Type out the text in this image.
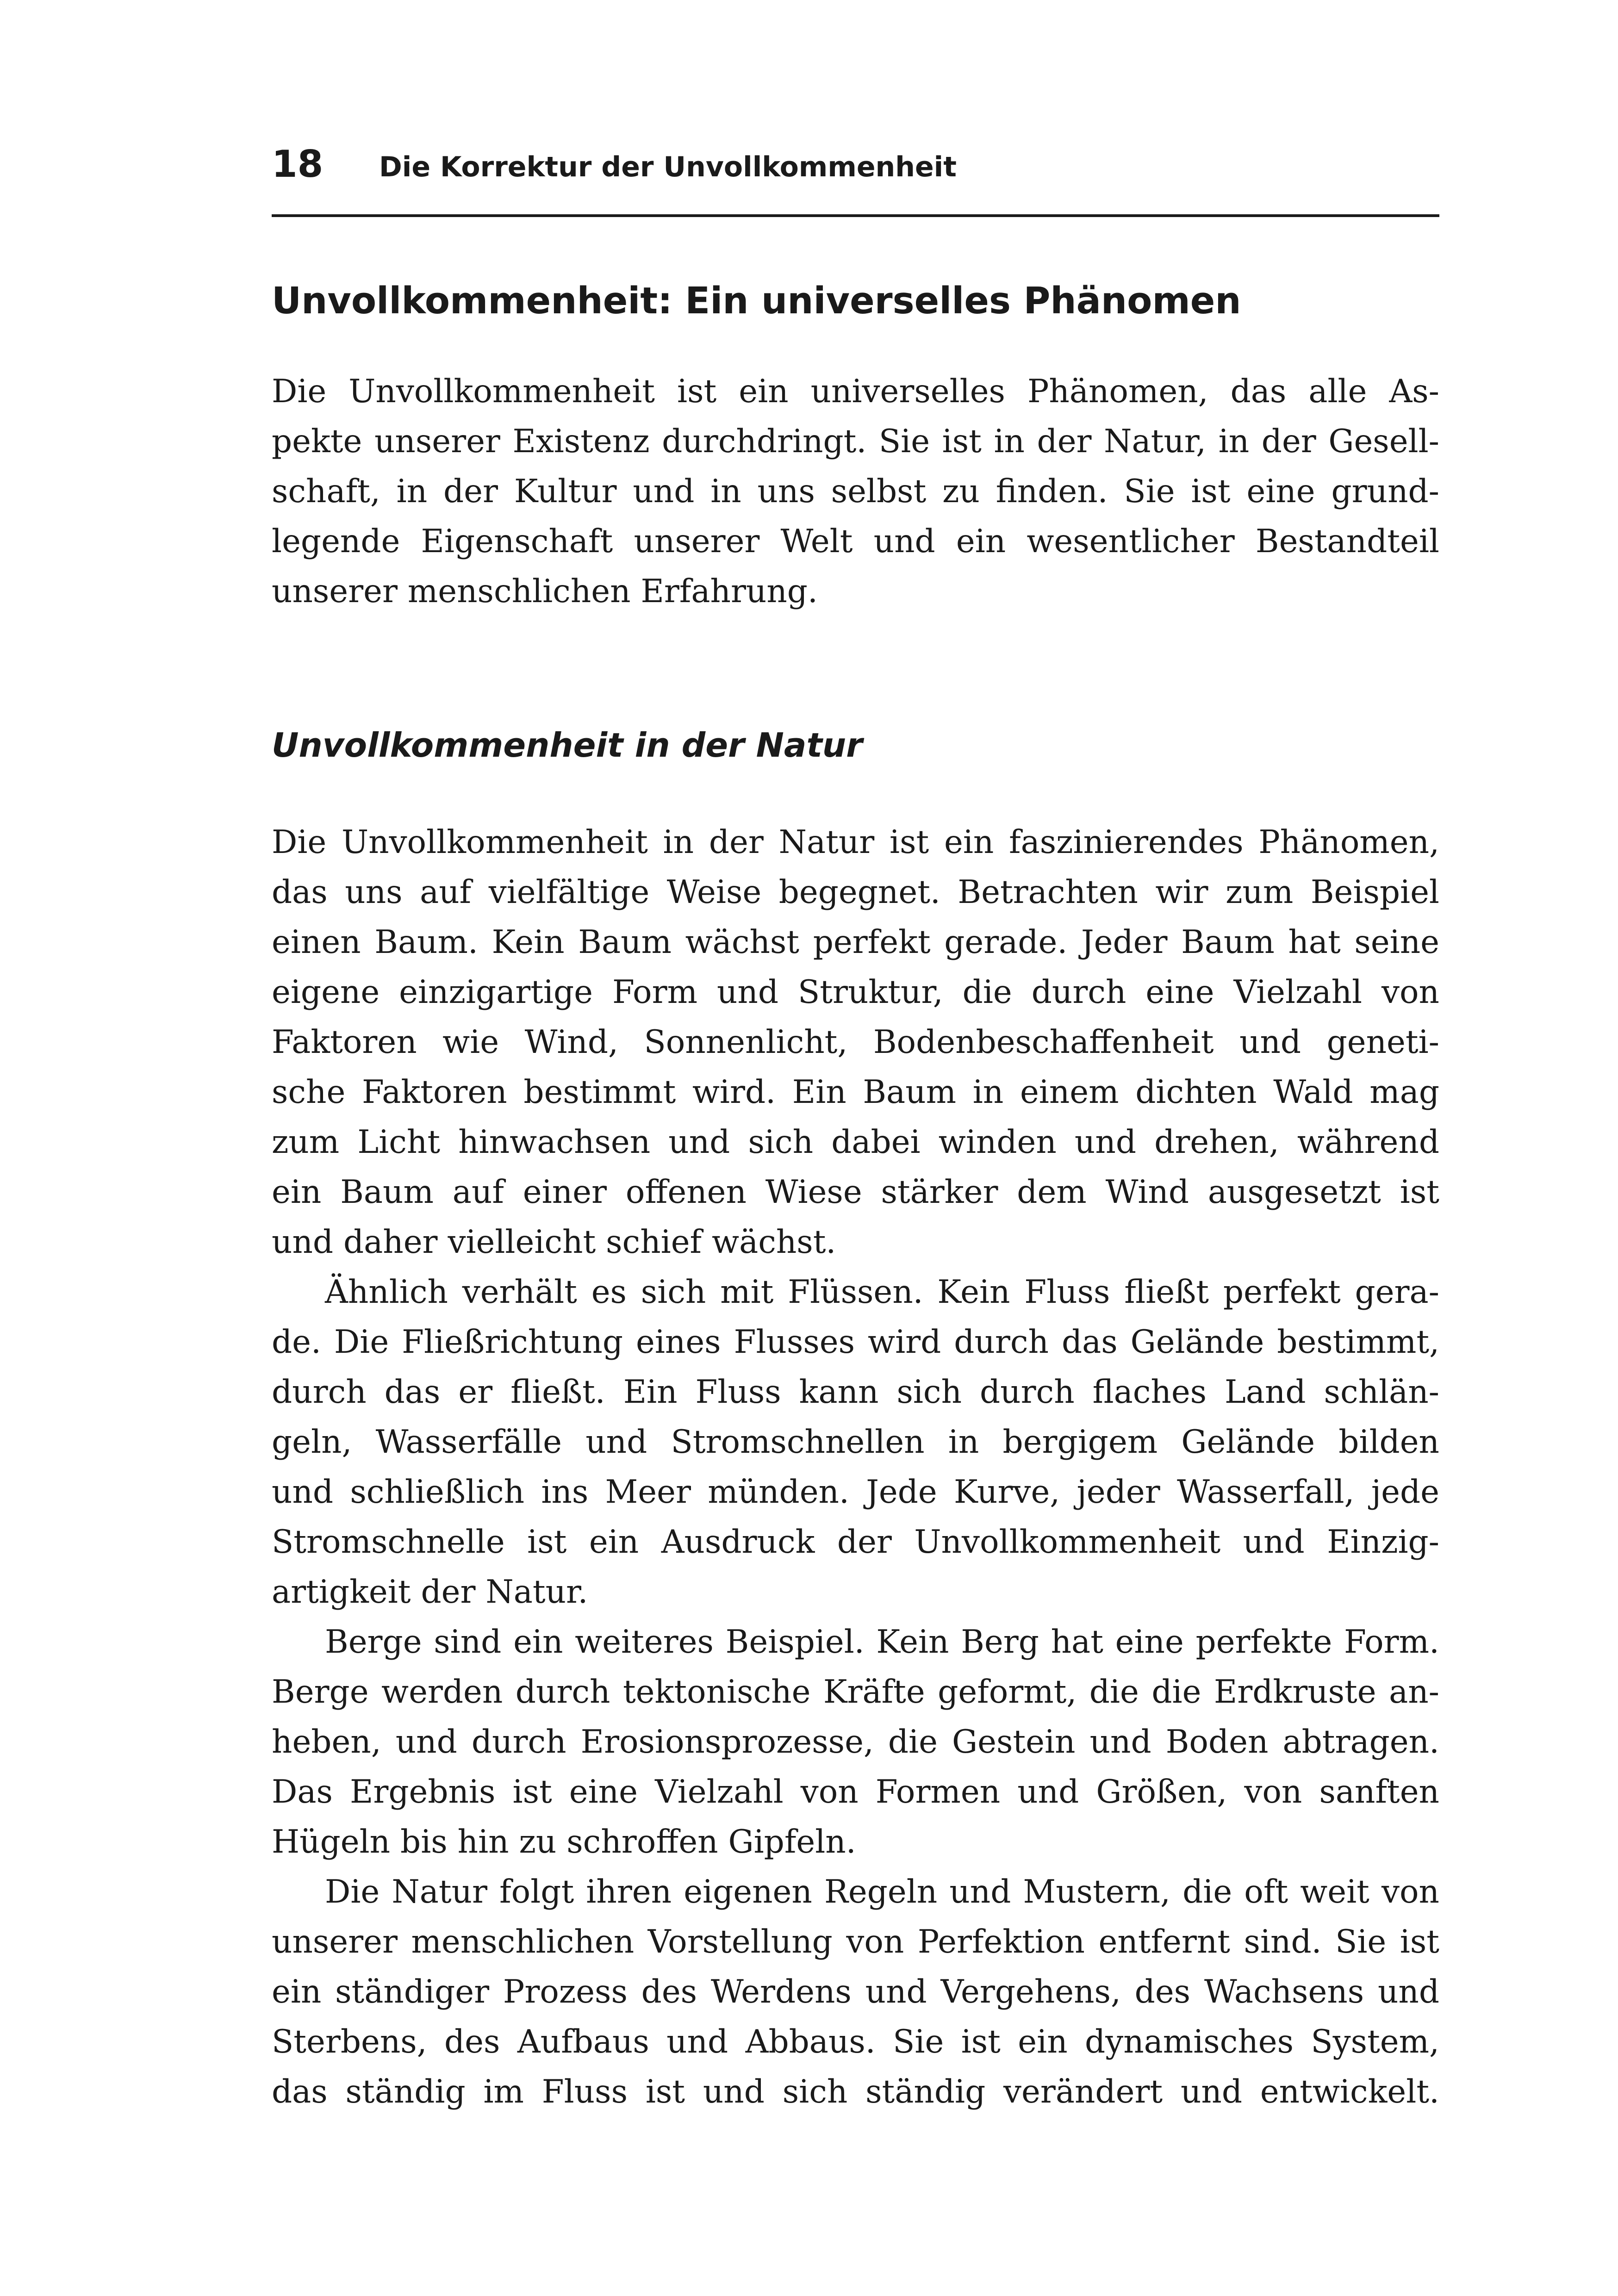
18 Die Korrektur der Unvollkommenheit
Unvollkommenheit: Ein universelles Phänomen
Die Unvollkommenheit ist ein universelles Phänomen, das alle As-
pekte unserer Existenz durchdringt. Sie ist in der Natur, in der Gesell-
schaft, in der Kultur und in uns selbst zu finden. Sie ist eine grund-
legende Eigenschaft unserer Welt und ein wesentlicher Bestandteil
unserer menschlichen Erfahrung.
Unvollkommenheit in der Natur
Die Unvollkommenheit in der Natur ist ein faszinierendes Phänomen,
das uns auf vielfältige Weise begegnet. Betrachten wir zum Beispiel
einen Baum. Kein Baum wächst perfekt gerade. Jeder Baum hat seine
eigene einzigartige Form und Struktur, die durch eine Vielzahl von
Faktoren wie Wind, Sonnenlicht, Bodenbeschaffenheit und geneti-
sche Faktoren bestimmt wird. Ein Baum in einem dichten Wald mag
zum Licht hinwachsen und sich dabei winden und drehen, während
ein Baum auf einer offenen Wiese stärker dem Wind ausgesetzt ist
und daher vielleicht schief wächst.
Ähnlich verhält es sich mit Flüssen. Kein Fluss fließt perfekt gera-
de. Die Fließrichtung eines Flusses wird durch das Gelände bestimmt,
durch das er fließt. Ein Fluss kann sich durch flaches Land schlän-
geln, Wasserfälle und Stromschnellen in bergigem Gelände bilden
und schließlich ins Meer münden. Jede Kurve, jeder Wasserfall, jede
Stromschnelle ist ein Ausdruck der Unvollkommenheit und Einzig-
artigkeit der Natur.
Berge sind ein weiteres Beispiel. Kein Berg hat eine perfekte Form.
Berge werden durch tektonische Kräfte geformt, die die Erdkruste an-
heben, und durch Erosionsprozesse, die Gestein und Boden abtragen.
Das Ergebnis ist eine Vielzahl von Formen und Größen, von sanften
Hügeln bis hin zu schroffen Gipfeln.
Die Natur folgt ihren eigenen Regeln und Mustern, die oft weit von
unserer menschlichen Vorstellung von Perfektion entfernt sind. Sie ist
ein ständiger Prozess des Werdens und Vergehens, des Wachsens und
Sterbens, des Aufbaus und Abbaus. Sie ist ein dynamisches System,
das ständig im Fluss ist und sich ständig verändert und entwickelt.
